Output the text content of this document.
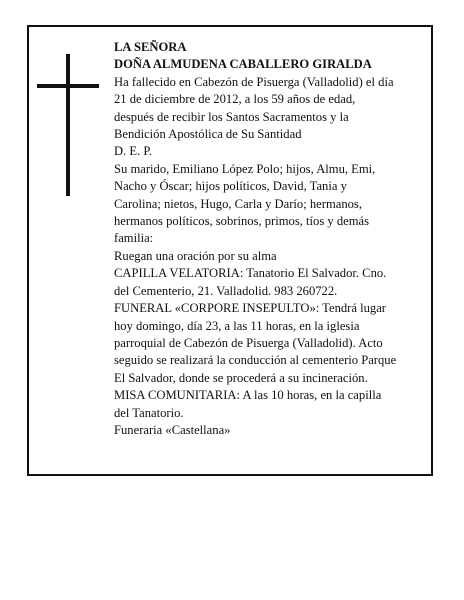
LA SEÑORA
DOÑA ALMUDENA CABALLERO GIRALDA
Ha fallecido en Cabezón de Pisuerga (Valladolid) el día
21 de diciembre de 2012, a los 59 años de edad,
después de recibir los Santos Sacramentos y la
Bendición Apostólica de Su Santidad
D. E. P.
Su marido, Emiliano López Polo; hijos, Almu, Emi,
Nacho y Óscar; hijos políticos, David, Tania y
Carolina; nietos, Hugo, Carla y Darío; hermanos,
hermanos políticos, sobrinos, primos, tíos y demás
familia:
Ruegan una oración por su alma
CAPILLA VELATORIA: Tanatorio El Salvador. Cno.
del Cementerio, 21. Valladolid. 983 260722.
FUNERAL «CORPORE INSEPULTO»: Tendrá lugar
hoy domingo, día 23, a las 11 horas, en la iglesia
parroquial de Cabezón de Pisuerga (Valladolid). Acto
seguido se realizará la conducción al cementerio Parque
El Salvador, donde se procederá a su incineración.
MISA COMUNITARIA: A las 10 horas, en la capilla
del Tanatorio.
Funeraria «Castellana»
